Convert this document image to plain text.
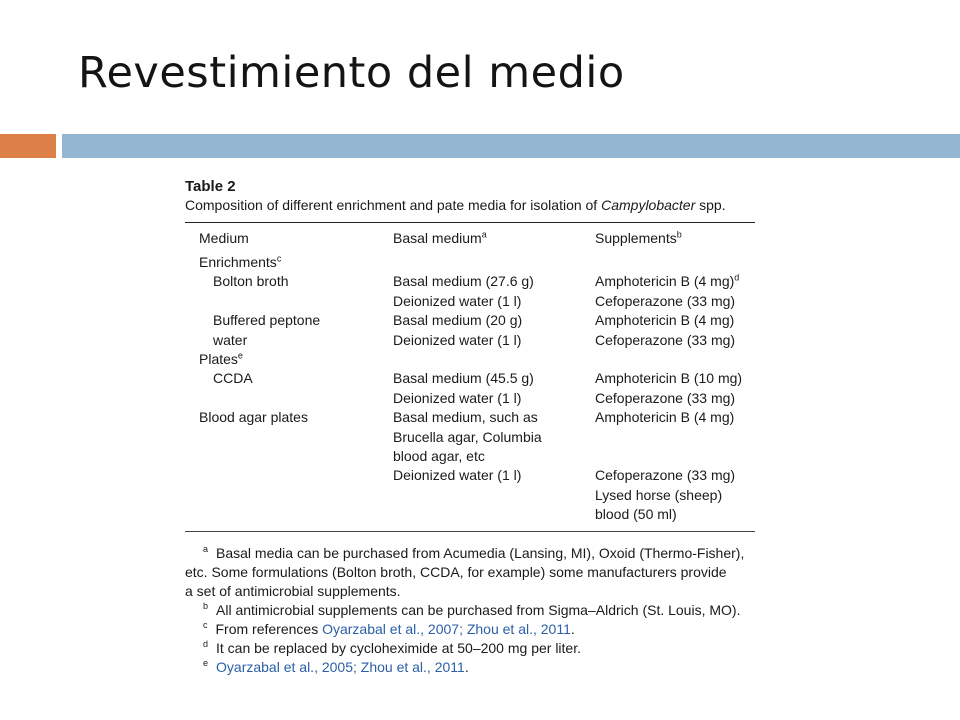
Revestimiento del medio
Table 2
Composition of different enrichment and pate media for isolation of Campylobacter spp.
Medium	Basal medium$^a$	Supplements$^b$
Enrichments$^c$		
Bolton broth	Basal medium (27.6 g)	Amphotericin B (4 mg)$^d$
	Deionized water (1 l)	Cefoperazone (33 mg)
Buffered peptone	Basal medium (20 g)	Amphotericin B (4 mg)
water	Deionized water (1 l)	Cefoperazone (33 mg)
Plates$^e$		
CCDA	Basal medium (45.5 g)	Amphotericin B (10 mg)
	Deionized water (1 l)	Cefoperazone (33 mg)
Blood agar plates	Basal medium, such as	Amphotericin B (4 mg)
	Brucella agar, Columbia	
	blood agar, etc	
	Deionized water (1 l)	Cefoperazone (33 mg)
		Lysed horse (sheep)
		blood (50 ml)
$^a$ Basal media can be purchased from Acumedia (Lansing, MI), Oxoid (Thermo-Fisher),
etc. Some formulations (Bolton broth, CCDA, for example) some manufacturers provide
a set of antimicrobial supplements.
$^b$ All antimicrobial supplements can be purchased from Sigma–Aldrich (St. Louis, MO).
$^c$ From references Oyarzabal et al., 2007; Zhou et al., 2011.
$^d$ It can be replaced by cycloheximide at 50–200 mg per liter.
$^e$ Oyarzabal et al., 2005; Zhou et al., 2011.
